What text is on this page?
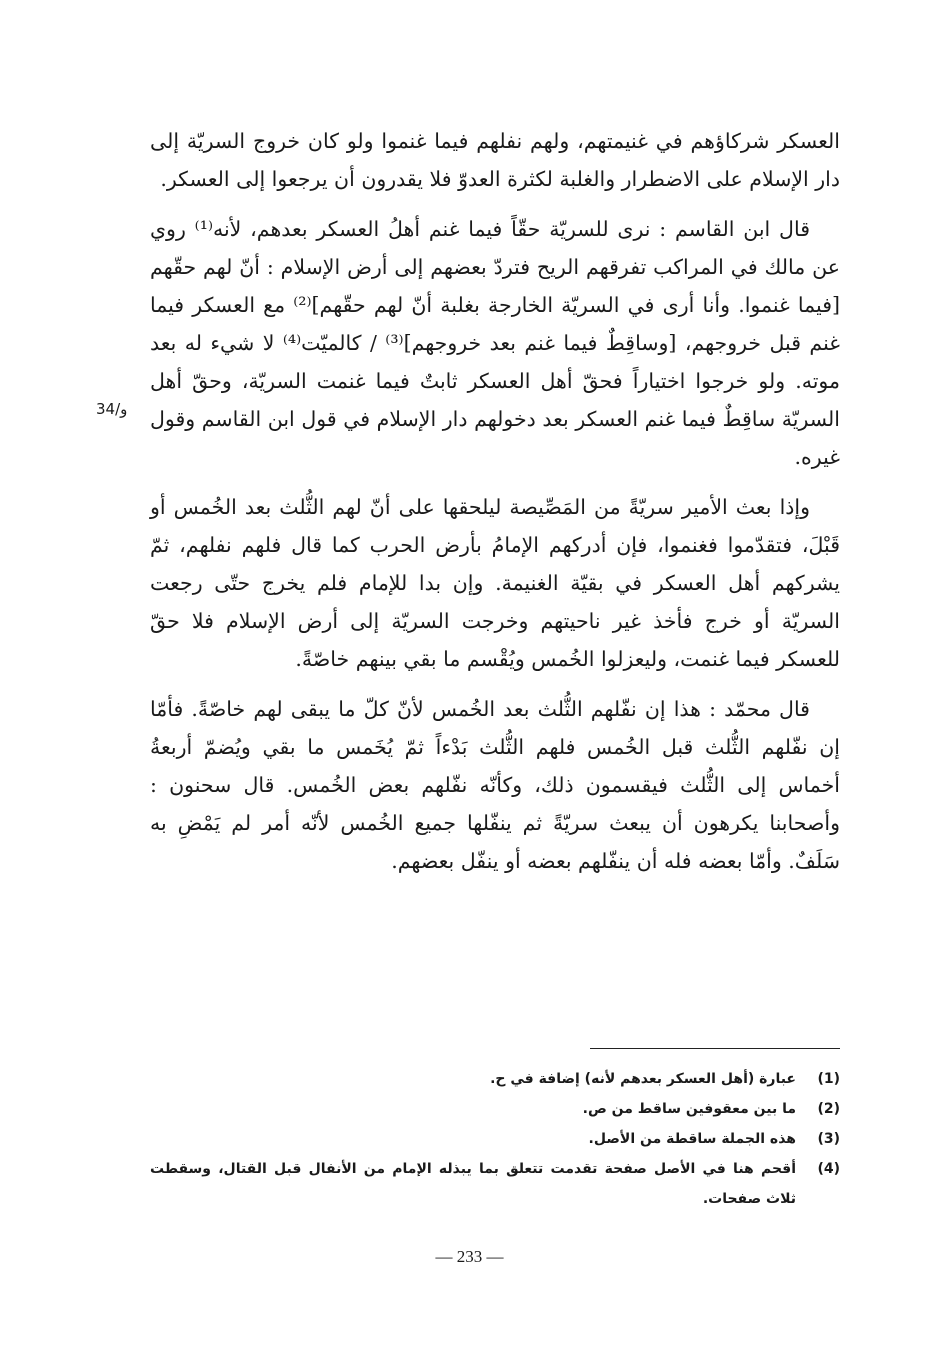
العسكر شركاؤهم في غنيمتهم، ولهم نفلهم فيما غنموا ولو كان خروج السريّة إلى دار الإسلام على الاضطرار والغلبة لكثرة العدوّ فلا يقدرون أن يرجعوا إلى العسكر.

قال ابن القاسم : نرى للسريّة حقّاً فيما غنم أهلُ العسكر بعدهم، لأنه⁽¹⁾ روي عن مالك في المراكب تفرقهم الريح فتردّ بعضهم إلى أرض الإسلام : أنّ لهم حقّهم [فيما غنموا. وأنا أرى في السريّة الخارجة بغلبة أنّ لهم حقّهم]⁽²⁾ مع العسكر فيما غنم قبل خروجهم، [وساقِطٌ فيما غنم بعد خروجهم]⁽³⁾ / كالميّت⁽⁴⁾ لا شيء له بعد موته. ولو خرجوا اختياراً فحقّ أهل العسكر ثابتٌ فيما غنمت السريّة، وحقّ أهل السريّة ساقِطٌ فيما غنم العسكر بعد دخولهم دار الإسلام في قول ابن القاسم وقول غيره.

وإذا بعث الأمير سريّةً من المَصِّيصة ليلحقها على أنّ لهم الثُّلث بعد الخُمس أو قَبْلَ، فتقدّموا فغنموا، فإن أدركهم الإمامُ بأرض الحرب كما قال فلهم نفلهم، ثمّ يشركهم أهل العسكر في بقيّة الغنيمة. وإن بدا للإمام فلم يخرج حتّى رجعت السريّة أو خرج فأخذ غير ناحيتهم وخرجت السريّة إلى أرض الإسلام فلا حقّ للعسكر فيما غنمت، وليعزلوا الخُمس ويُقْسم ما بقي بينهم خاصّةً.

قال محمّد : هذا إن نفّلهم الثُّلث بعد الخُمس لأنّ كلّ ما يبقى لهم خاصّةً. فأمّا إن نفّلهم الثُّلث قبل الخُمس فلهم الثُّلث بَدْءاً ثمّ يُخَمس ما بقي ويُضمّ أربعةُ أخماس إلى الثُّلث فيقسمون ذلك، وكأنّه نفّلهم بعض الخُمس. قال سحنون : وأصحابنا يكرهون أن يبعث سريّةً ثم ينفّلها جميع الخُمس لأنّه أمر لم يَمْضِ به سَلَفٌ. وأمّا بعضه فله أن ينفّلهم بعضه أو ينفّل بعضهم.

34/و
(1)
عبارة (أهل العسكر بعدهم لأنه) إضافة في ح.
(2)
ما بين معقوفين ساقط من ص.
(3)
هذه الجملة ساقطة من الأصل.
(4)
أقحم هنا في الأصل صفحة تقدمت تتعلق بما يبذله الإمام من الأنفال قبل القتال، وسقطت ثلاث صفحات.
— 233 —
